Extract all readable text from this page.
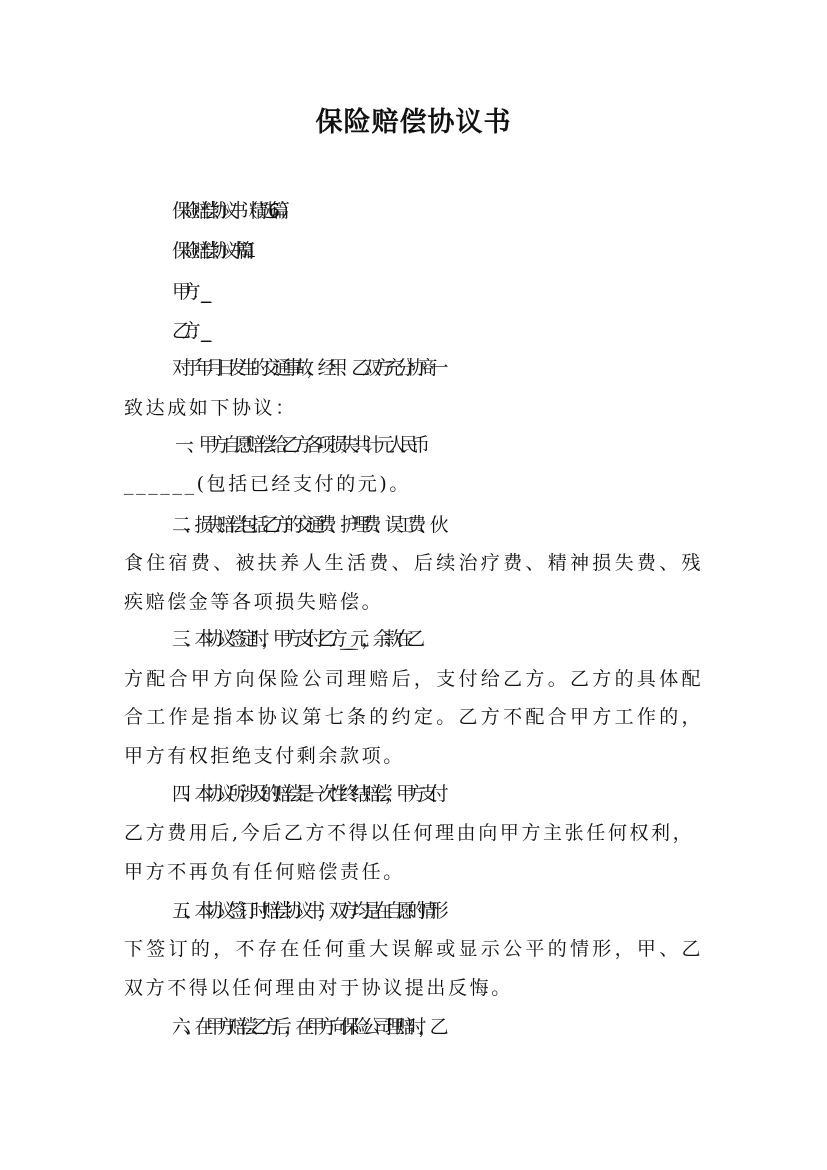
保险赔偿协议书
保险赔偿协议书（精选6篇）
保险赔偿协议书 篇1
甲方：______________
乙方：______________
对于年月日发生的交通事故，经甲、乙双方充分协商一
致达成如下协议：
一、甲方自愿赔偿给乙方各项损失共计元人民币
______(包括已经支付的元)。
二、损失赔偿包括乙方的交通费、护理费、误工费、伙
食住宿费、被扶养人生活费、后续治疗费、精神损失费、残
疾赔偿金等各项损失赔偿。
三、本协议签定时，甲方支付乙方______元，余款在乙
方配合甲方向保险公司理赔后，支付给乙方。乙方的具体配
合工作是指本协议第七条的约定。乙方不配合甲方工作的，
甲方有权拒绝支付剩余款项。
四、本协议所涉及的赔偿是一次性终结赔偿，甲方支付
乙方费用后,今后乙方不得以任何理由向甲方主张任何权利，
甲方不再负有任何赔偿责任。
五、本协议签订时赔偿协议书，双方均是在自愿的情形
下签订的，不存在任何重大误解或显示公平的情形，甲、乙
双方不得以任何理由对于协议提出反悔。
六、在甲方赔偿乙方后，在甲方向保险公司理赔时，乙
